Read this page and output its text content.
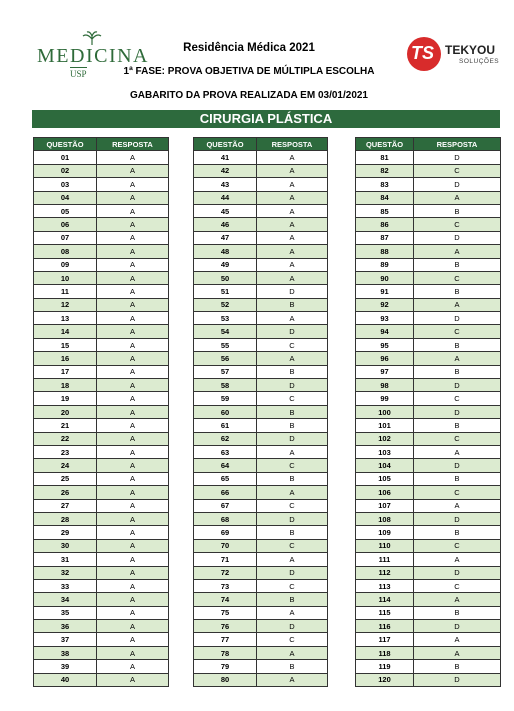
MEDICINA
USP
Residência Médica 2021
1ª FASE: PROVA OBJETIVA DE MÚLTIPLA ESCOLHA
GABARITO DA PROVA REALIZADA EM 03/01/2021
TS TEKYOU
SOLUÇÕES
CIRURGIA PLÁSTICA
QUESTÃO	RESPOSTA
01	A
02	A
03	A
04	A
05	A
06	A
07	A
08	A
09	A
10	A
11	A
12	A
13	A
14	A
15	A
16	A
17	A
18	A
19	A
20	A
21	A
22	A
23	A
24	A
25	A
26	A
27	A
28	A
29	A
30	A
31	A
32	A
33	A
34	A
35	A
36	A
37	A
38	A
39	A
40	A
QUESTÃO	RESPOSTA
41	A
42	A
43	A
44	A
45	A
46	A
47	A
48	A
49	A
50	A
51	D
52	B
53	A
54	D
55	C
56	A
57	B
58	D
59	C
60	B
61	B
62	D
63	A
64	C
65	B
66	A
67	C
68	D
69	B
70	C
71	A
72	D
73	C
74	B
75	A
76	D
77	C
78	A
79	B
80	A
QUESTÃO	RESPOSTA
81	D
82	C
83	D
84	A
85	B
86	C
87	D
88	A
89	B
90	C
91	B
92	A
93	D
94	C
95	B
96	A
97	B
98	D
99	C
100	D
101	B
102	C
103	A
104	D
105	B
106	C
107	A
108	D
109	B
110	C
111	A
112	D
113	C
114	A
115	B
116	D
117	A
118	A
119	B
120	D
